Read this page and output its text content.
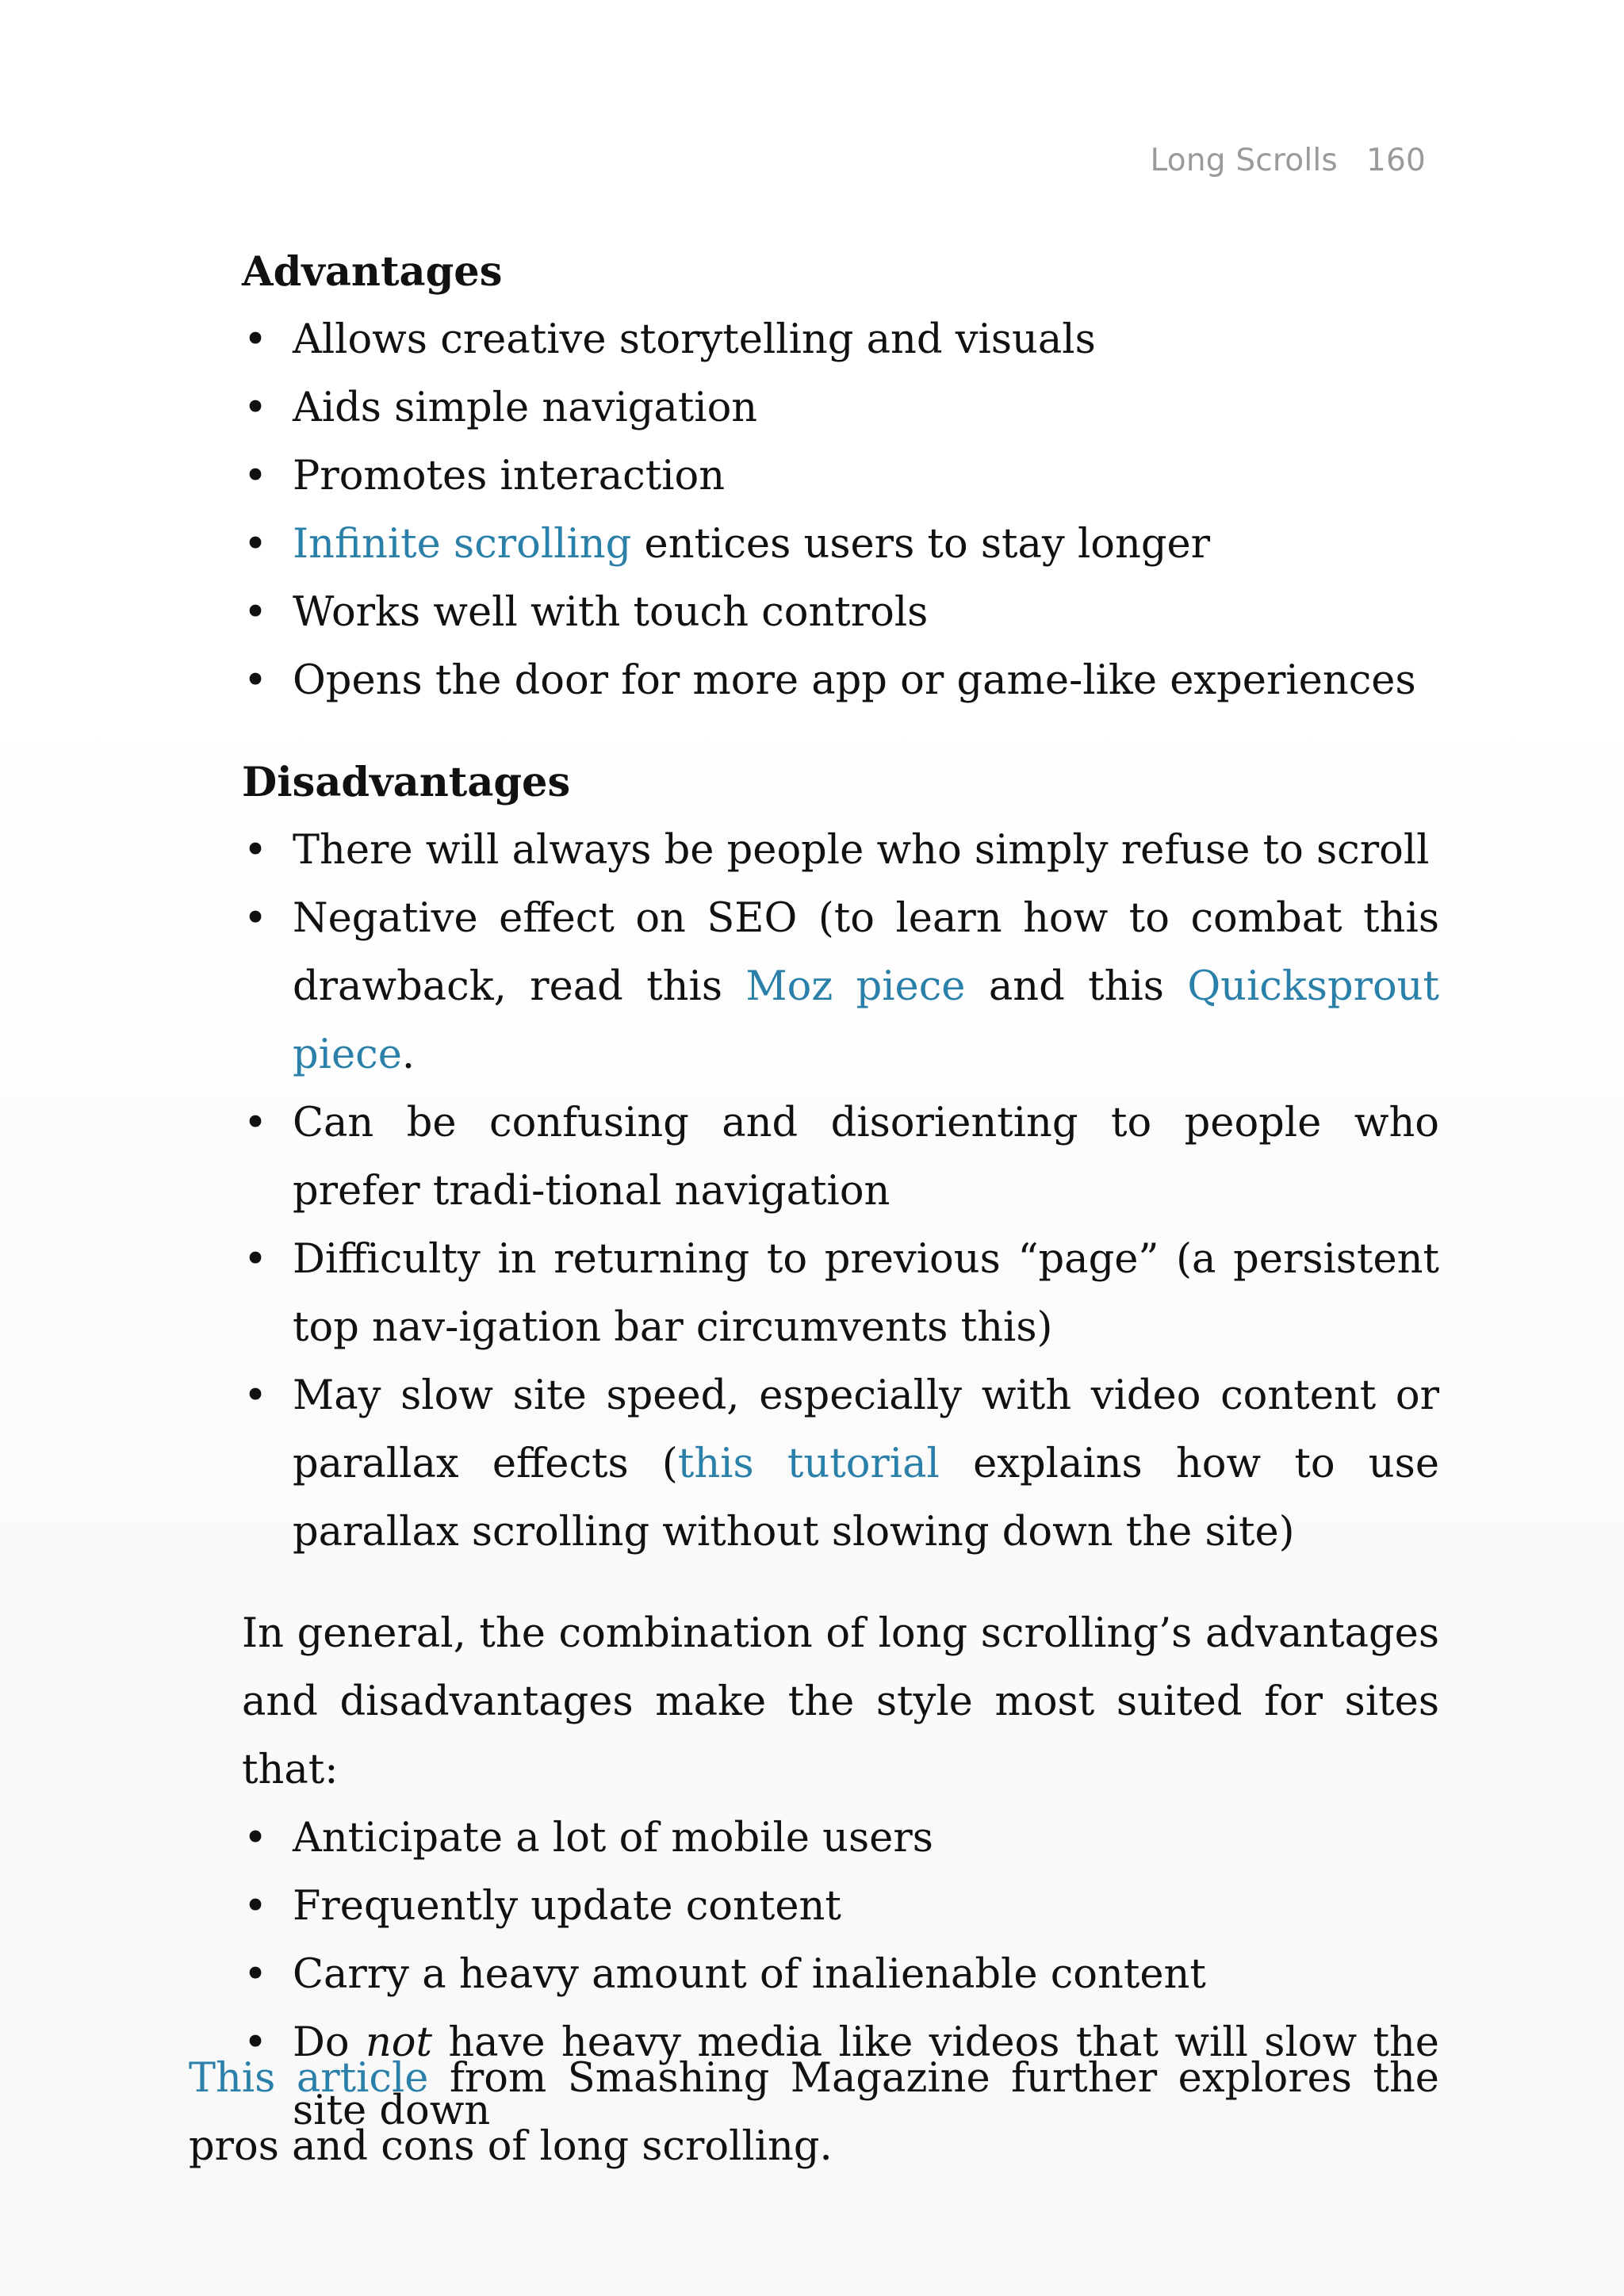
Long Scrolls 160
Advantages
• Allows creative storytelling and visuals
• Aids simple navigation
• Promotes interaction
• Infinite scrolling entices users to stay longer
• Works well with touch controls
• Opens the door for more app or game-like experiences
Disadvantages
• There will always be people who simply refuse to scroll
• Negative effect on SEO (to learn how to combat this drawback, read this Moz piece and this Quicksprout piece.
• Can be confusing and disorienting to people who prefer tradi-tional navigation
• Difficulty in returning to previous “page” (a persistent top nav-igation bar circumvents this)
• May slow site speed, especially with video content or parallax effects (this tutorial explains how to use parallax scrolling without slowing down the site)

In general, the combination of long scrolling’s advantages and disadvantages make the style most suited for sites that:

• Anticipate a lot of mobile users
• Frequently update content
• Carry a heavy amount of inalienable content
• Do not have heavy media like videos that will slow the site down

This article from Smashing Magazine further explores the pros and cons of long scrolling.
